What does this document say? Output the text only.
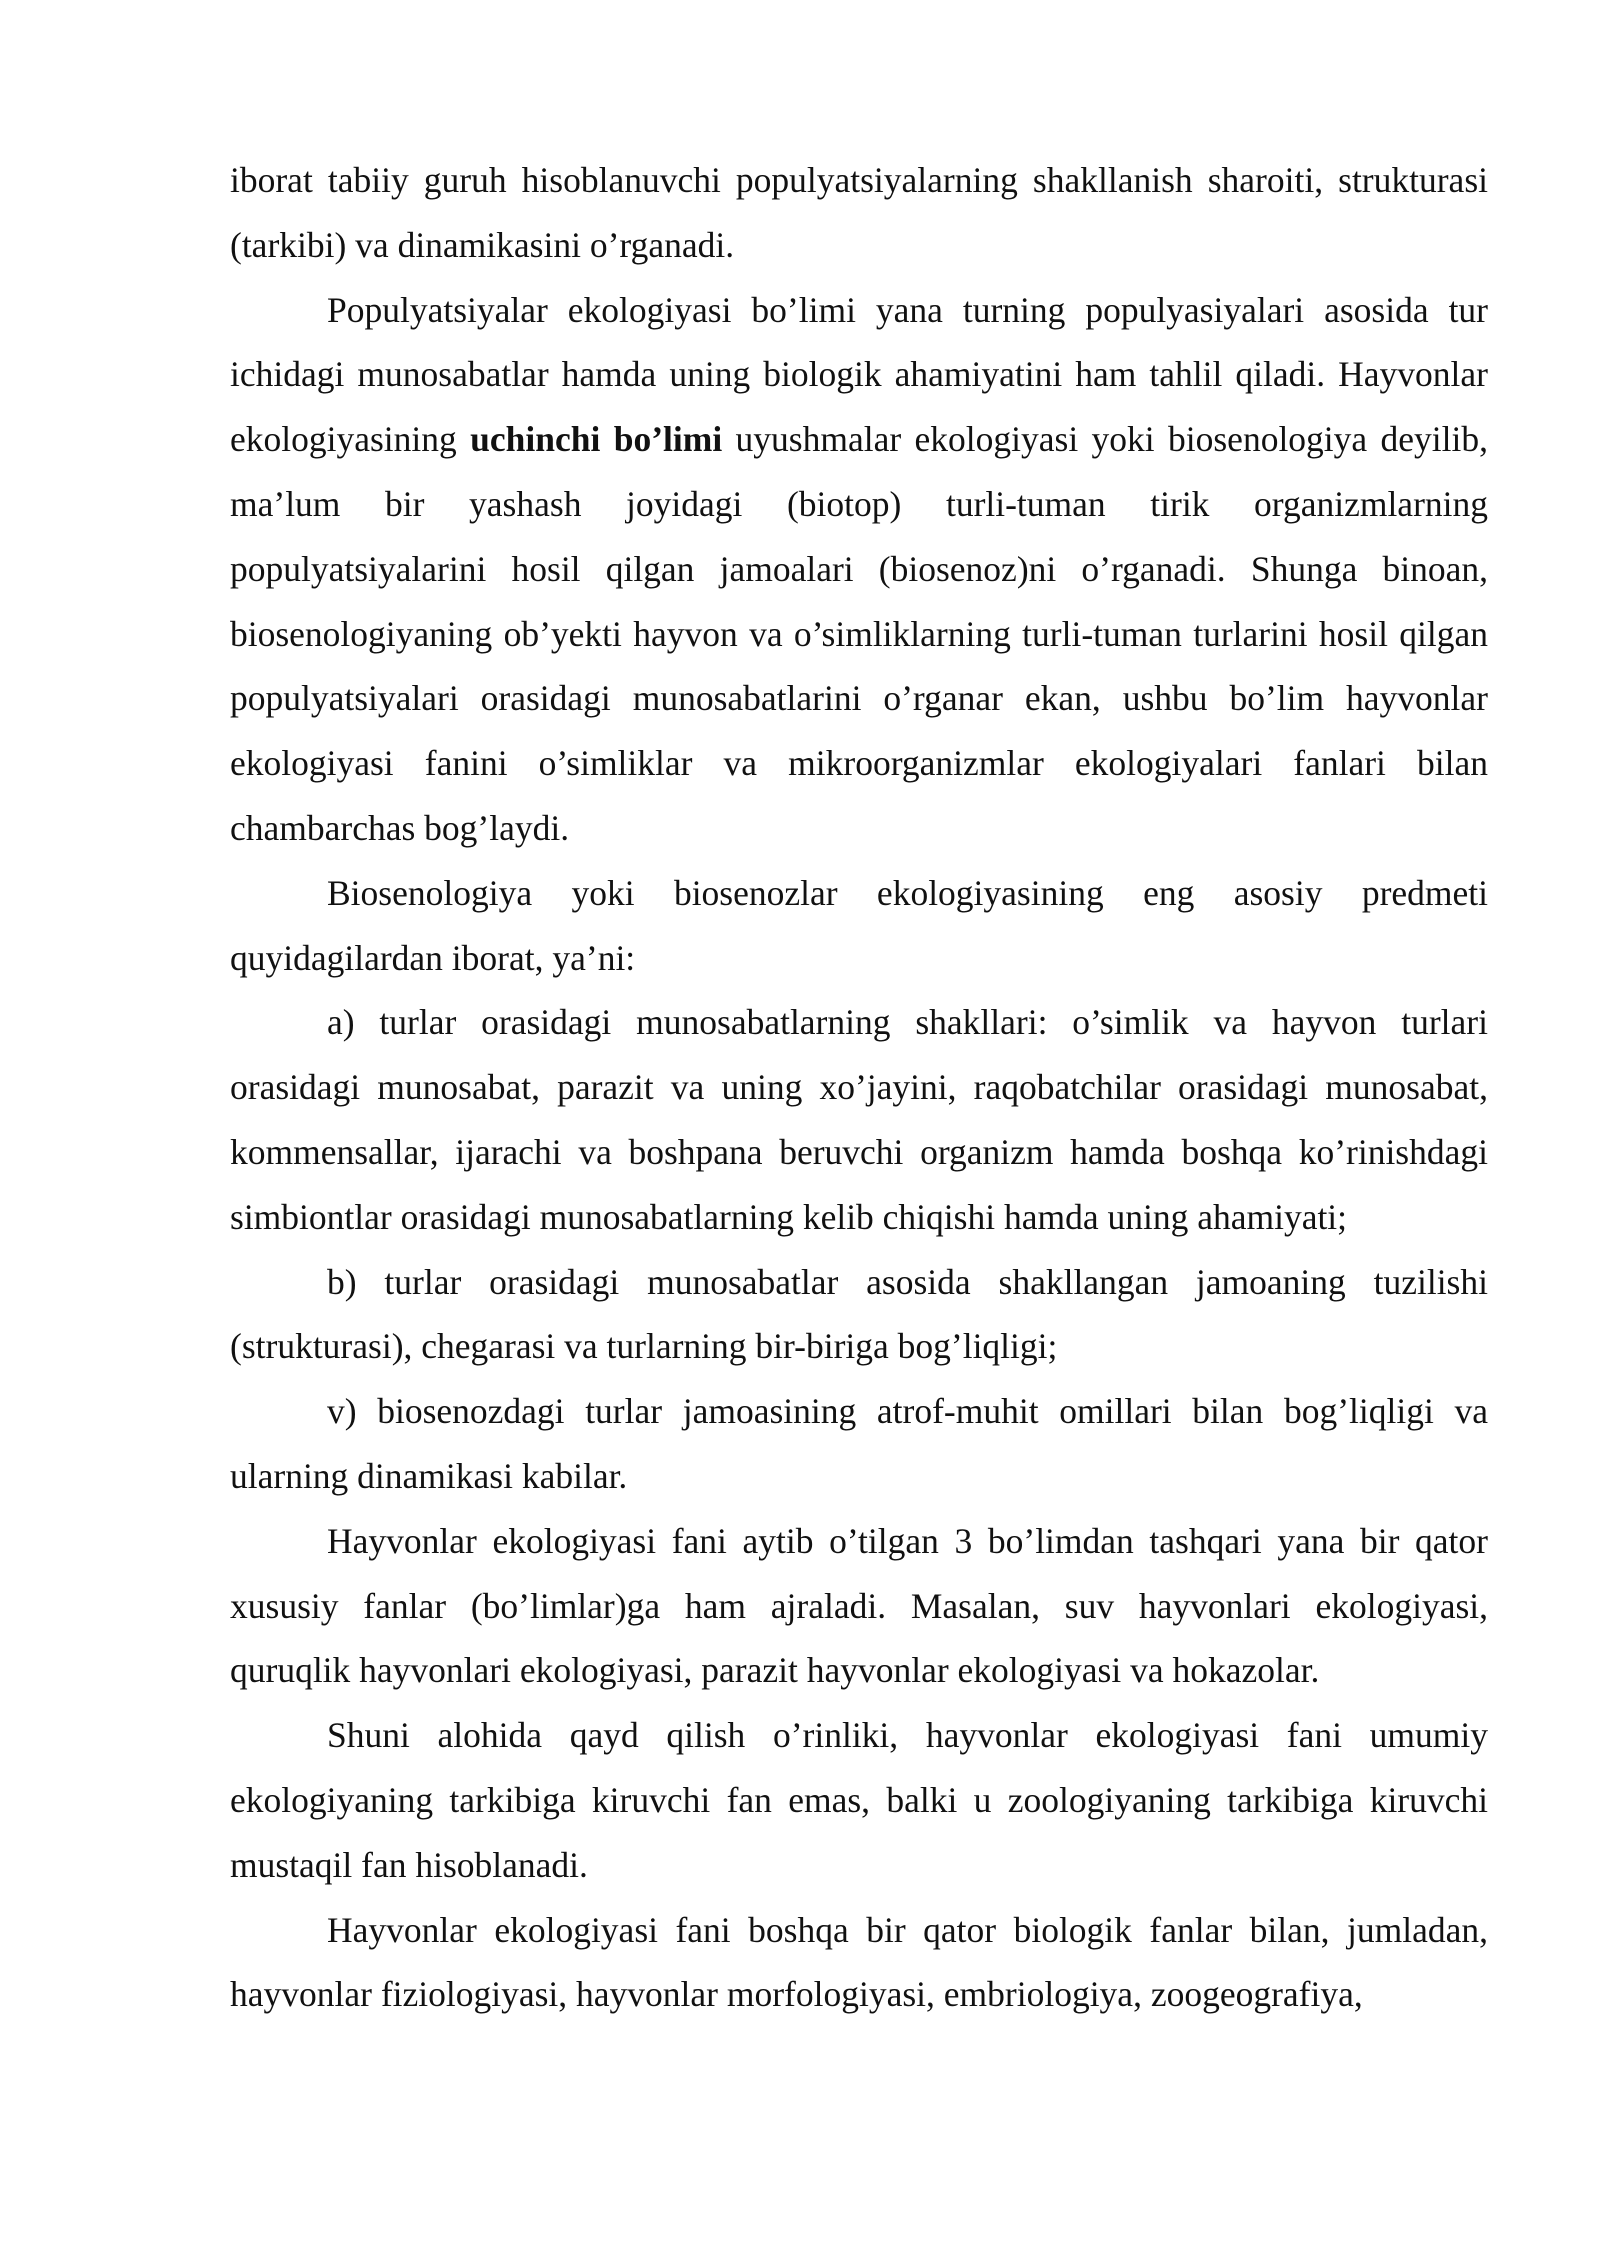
iborat tabiiy guruh hisoblanuvchi populyatsiyalarning shakllanish sharoiti, strukturasi (tarkibi) va dinamikasini o’rganadi.

Populyatsiyalar ekologiyasi bo’limi yana turning populyasiyalari asosida tur ichidagi munosabatlar hamda uning biologik ahamiyatini ham tahlil qiladi. Hayvonlar ekologiyasining uchinchi bo’limi uyushmalar ekologiyasi yoki biosenologiya deyilib, ma’lum bir yashash joyidagi (biotop) turli-tuman tirik organizmlarning populyatsiyalarini hosil qilgan jamoalari (biosenoz)ni o’rganadi. Shunga binoan, biosenologiyaning ob’yekti hayvon va o’simliklarning turli-tuman turlarini hosil qilgan populyatsiyalari orasidagi munosabatlarini o’rganar ekan, ushbu bo’lim hayvonlar ekologiyasi fanini o’simliklar va mikroorganizmlar ekologiyalari fanlari bilan chambarchas bog’laydi.

Biosenologiya yoki biosenozlar ekologiyasining eng asosiy predmeti quyidagilardan iborat, ya’ni:

a) turlar orasidagi munosabatlarning shakllari: o’simlik va hayvon turlari orasidagi munosabat, parazit va uning xo’jayini, raqobatchilar orasidagi munosabat, kommensallar, ijarachi va boshpana beruvchi organizm hamda boshqa ko’rinishdagi simbiontlar orasidagi munosabatlarning kelib chiqishi hamda uning ahamiyati;

b) turlar orasidagi munosabatlar asosida shakllangan jamoaning tuzilishi (strukturasi), chegarasi va turlarning bir-biriga bog’liqligi;

v) biosenozdagi turlar jamoasining atrof-muhit omillari bilan bog’liqligi va ularning dinamikasi kabilar.

Hayvonlar ekologiyasi fani aytib o’tilgan 3 bo’limdan tashqari yana bir qator xususiy fanlar (bo’limlar)ga ham ajraladi. Masalan, suv hayvonlari ekologiyasi, quruqlik hayvonlari ekologiyasi, parazit hayvonlar ekologiyasi va hokazolar.

Shuni alohida qayd qilish o’rinliki, hayvonlar ekologiyasi fani umumiy ekologiyaning tarkibiga kiruvchi fan emas, balki u zoologiyaning tarkibiga kiruvchi mustaqil fan hisoblanadi.

Hayvonlar ekologiyasi fani boshqa bir qator biologik fanlar bilan, jumladan, hayvonlar fiziologiyasi, hayvonlar morfologiyasi, embriologiya, zoogeografiya,
